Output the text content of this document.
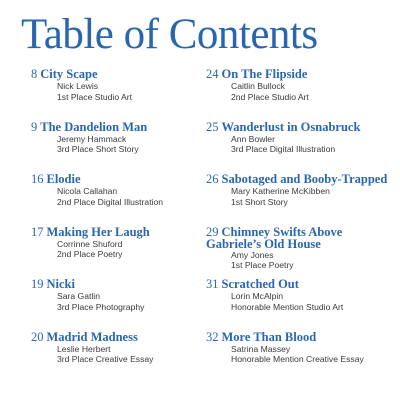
Table of Contents
8 City Scape
Nick Lewis
1st Place Studio Art
9 The Dandelion Man
Jeremy Hammack
3rd Place Short Story
16 Elodie
Nicola Callahan
2nd Place Digital Illustration
17 Making Her Laugh
Corrinne Shuford
2nd Place Poetry
19 Nicki
Sara Gatlin
3rd Place Photography
20 Madrid Madness
Leslie Herbert
3rd Place Creative Essay
24 On The Flipside
Caitlin Bullock
2nd Place Studio Art
25 Wanderlust in Osnabruck
Ann Bowler
3rd Place Digital Illustration
26 Sabotaged and Booby-Trapped
Mary Katherine McKibben
1st Short Story
29 Chimney Swifts Above
Gabriele’s Old House
Amy Jones
1st Place Poetry
31 Scratched Out
Lorin McAlpin
Honorable Mention Studio Art
32 More Than Blood
Satrina Massey
Honorable Mention Creative Essay
